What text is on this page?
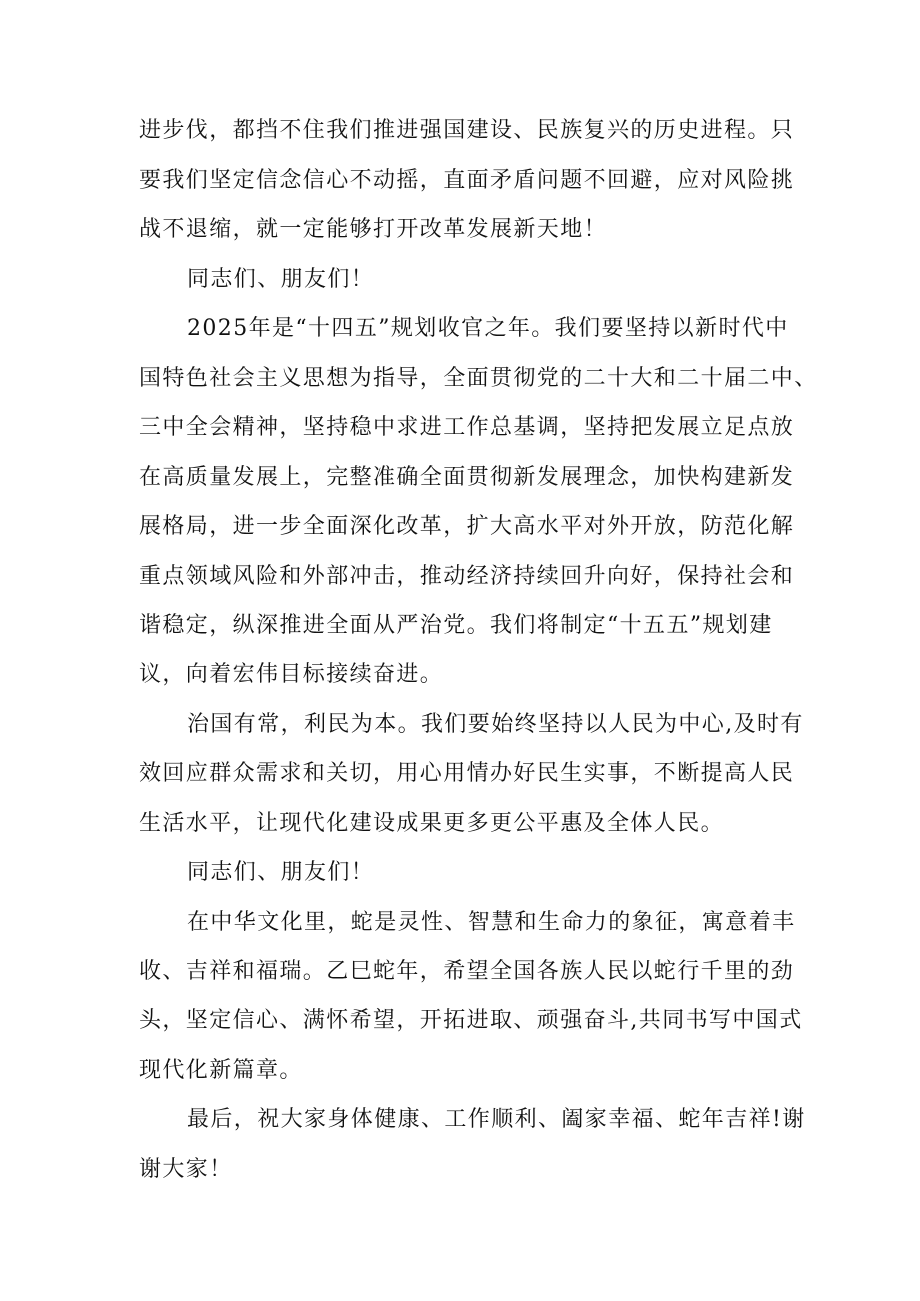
进步伐，都挡不住我们推进强国建设、民族复兴的历史进程。只
要我们坚定信念信心不动摇，直面矛盾问题不回避，应对风险挑
战不退缩，就一定能够打开改革发展新天地！
同志们、朋友们！
2025年是“十四五”规划收官之年。我们要坚持以新时代中
国特色社会主义思想为指导，全面贯彻党的二十大和二十届二中、
三中全会精神，坚持稳中求进工作总基调，坚持把发展立足点放
在高质量发展上，完整准确全面贯彻新发展理念，加快构建新发
展格局，进一步全面深化改革，扩大高水平对外开放，防范化解
重点领域风险和外部冲击，推动经济持续回升向好，保持社会和
谐稳定，纵深推进全面从严治党。我们将制定“十五五”规划建
议，向着宏伟目标接续奋进。
治国有常，利民为本。我们要始终坚持以人民为中心,及时有
效回应群众需求和关切，用心用情办好民生实事，不断提高人民
生活水平，让现代化建设成果更多更公平惠及全体人民。
同志们、朋友们！
在中华文化里，蛇是灵性、智慧和生命力的象征，寓意着丰
收、吉祥和福瑞。乙巳蛇年，希望全国各族人民以蛇行千里的劲
头，坚定信心、满怀希望，开拓进取、顽强奋斗,共同书写中国式
现代化新篇章。
最后，祝大家身体健康、工作顺利、阖家幸福、蛇年吉祥!谢
谢大家！
